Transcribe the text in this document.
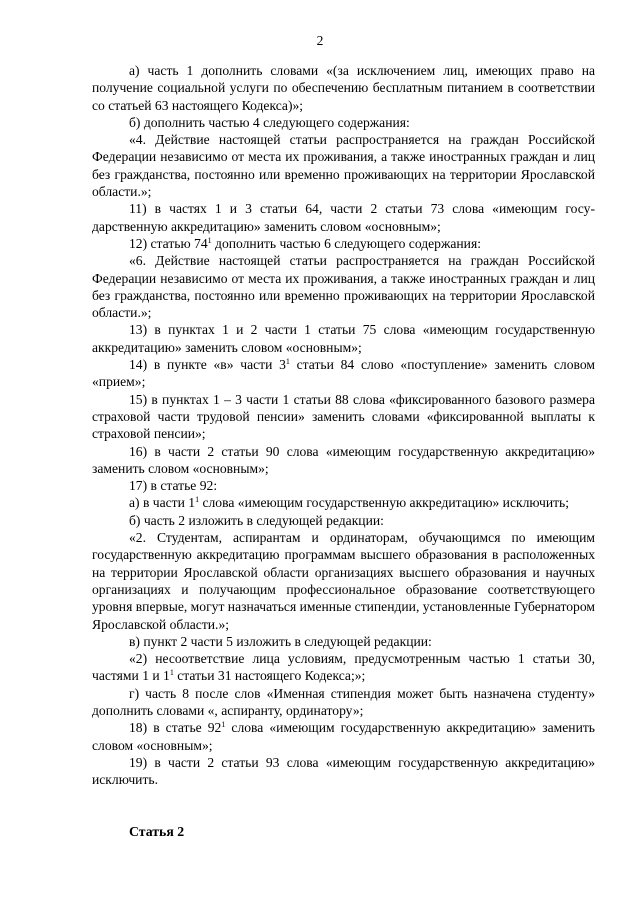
2

а) часть 1 дополнить словами «(за исключением лиц, имеющих право на получение социальной услуги по обеспечению бесплатным питанием в соответствии со статьей 63 настоящего Кодекса)»;

б) дополнить частью 4 следующего содержания:

«4. Действие настоящей статьи распространяется на граждан Российской Федерации независимо от места их проживания, а также иностранных граждан и лиц без гражданства, постоянно или временно проживающих на территории Ярославской области.»;

11) в частях 1 и 3 статьи 64, части 2 статьи 73 слова «имеющим государственную аккредитацию» заменить словом «основным»;

12) статью $74^1$ дополнить частью 6 следующего содержания:

«6. Действие настоящей статьи распространяется на граждан Российской Федерации независимо от места их проживания, а также иностранных граждан и лиц без гражданства, постоянно или временно проживающих на территории Ярославской области.»;

13) в пунктах 1 и 2 части 1 статьи 75 слова «имеющим государственную аккредитацию» заменить словом «основным»;

14) в пункте «в» части $3^1$ статьи 84 слово «поступление» заменить словом «прием»;

15) в пунктах 1 – 3 части 1 статьи 88 слова «фиксированного базового размера страховой части трудовой пенсии» заменить словами «фиксированной выплаты к страховой пенсии»;

16) в части 2 статьи 90 слова «имеющим государственную аккредитацию» заменить словом «основным»;

17) в статье 92:

а) в части $1^1$ слова «имеющим государственную аккредитацию» исключить;

б) часть 2 изложить в следующей редакции:

«2. Студентам, аспирантам и ординаторам, обучающимся по имеющим государственную аккредитацию программам высшего образования в расположенных на территории Ярославской области организациях высшего образования и научных организациях и получающим профессиональное образование соответствующего уровня впервые, могут назначаться именные стипендии, установленные Губернатором Ярославской области.»;

в) пункт 2 части 5 изложить в следующей редакции:

«2) несоответствие лица условиям, предусмотренным частью 1 статьи 30, частями 1 и $1^1$ статьи 31 настоящего Кодекса;»;

г) часть 8 после слов «Именная стипендия может быть назначена студенту» дополнить словами «, аспиранту, ординатору»;

18) в статье $92^1$ слова «имеющим государственную аккредитацию» заменить словом «основным»;

19) в части 2 статьи 93 слова «имеющим государственную аккредитацию» исключить.

Статья 2
